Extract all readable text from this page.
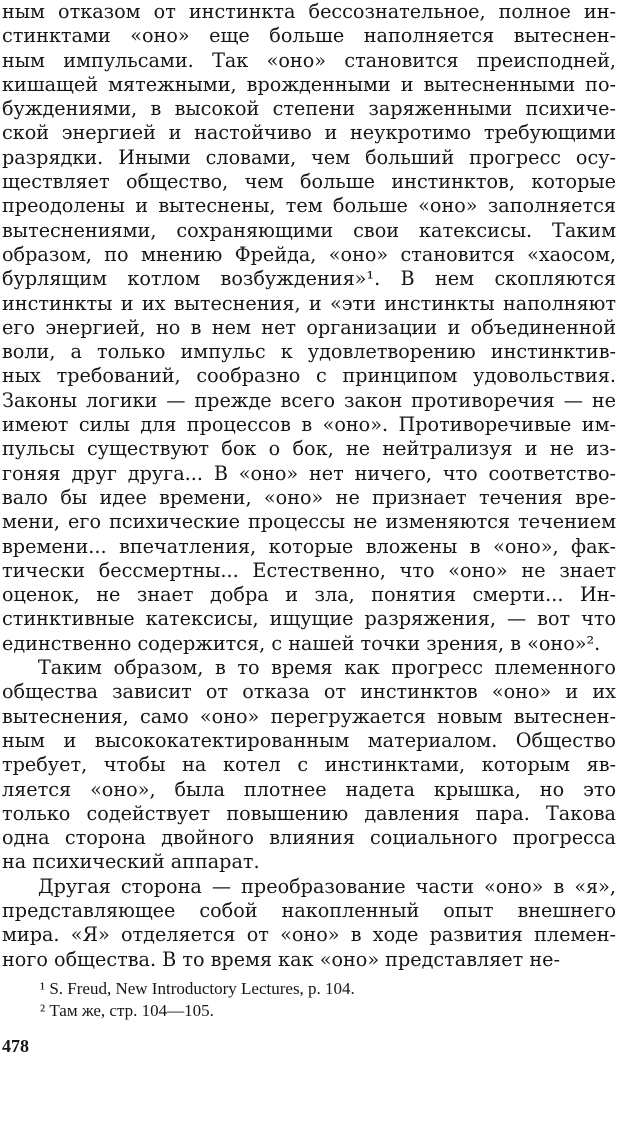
ным отказом от инстинкта бессознательное, полное ин-
стинктами «оно» еще больше наполняется вытеснен-
ным импульсами. Так «оно» становится преисподней,
кишащей мятежными, врожденными и вытесненными по-
буждениями, в высокой степени заряженными психиче-
ской энергией и настойчиво и неукротимо требующими
разрядки. Иными словами, чем больший прогресс осу-
ществляет общество, чем больше инстинктов, которые
преодолены и вытеснены, тем больше «оно» заполняется
вытеснениями, сохраняющими свои катексисы. Таким
образом, по мнению Фрейда, «оно» становится «хаосом,
бурлящим котлом возбуждения»¹. В нем скопляются
инстинкты и их вытеснения, и «эти инстинкты наполняют
его энергией, но в нем нет организации и объединенной
воли, а только импульс к удовлетворению инстинктив-
ных требований, сообразно с принципом удовольствия.
Законы логики — прежде всего закон противоречия — не
имеют силы для процессов в «оно». Противоречивые им-
пульсы существуют бок о бок, не нейтрализуя и не из-
гоняя друг друга... В «оно» нет ничего, что соответство-
вало бы идее времени, «оно» не признает течения вре-
мени, его психические процессы не изменяются течением
времени... впечатления, которые вложены в «оно», фак-
тически бессмертны... Естественно, что «оно» не знает
оценок, не знает добра и зла, понятия смерти... Ин-
стинктивные катексисы, ищущие разряжения, — вот что
единственно содержится, с нашей точки зрения, в «оно»².
Таким образом, в то время как прогресс племенного
общества зависит от отказа от инстинктов «оно» и их
вытеснения, само «оно» перегружается новым вытеснен-
ным и высококатектированным материалом. Общество
требует, чтобы на котел с инстинктами, которым яв-
ляется «оно», была плотнее надета крышка, но это
только содействует повышению давления пара. Такова
одна сторона двойного влияния социального прогресса
на психический аппарат.
Другая сторона — преобразование части «оно» в «я»,
представляющее собой накопленный опыт внешнего
мира. «Я» отделяется от «оно» в ходе развития племен-
ного общества. В то время как «оно» представляет не-
¹ S. Freud, New Introductory Lectures, p. 104.
² Там же, стр. 104—105.
478
